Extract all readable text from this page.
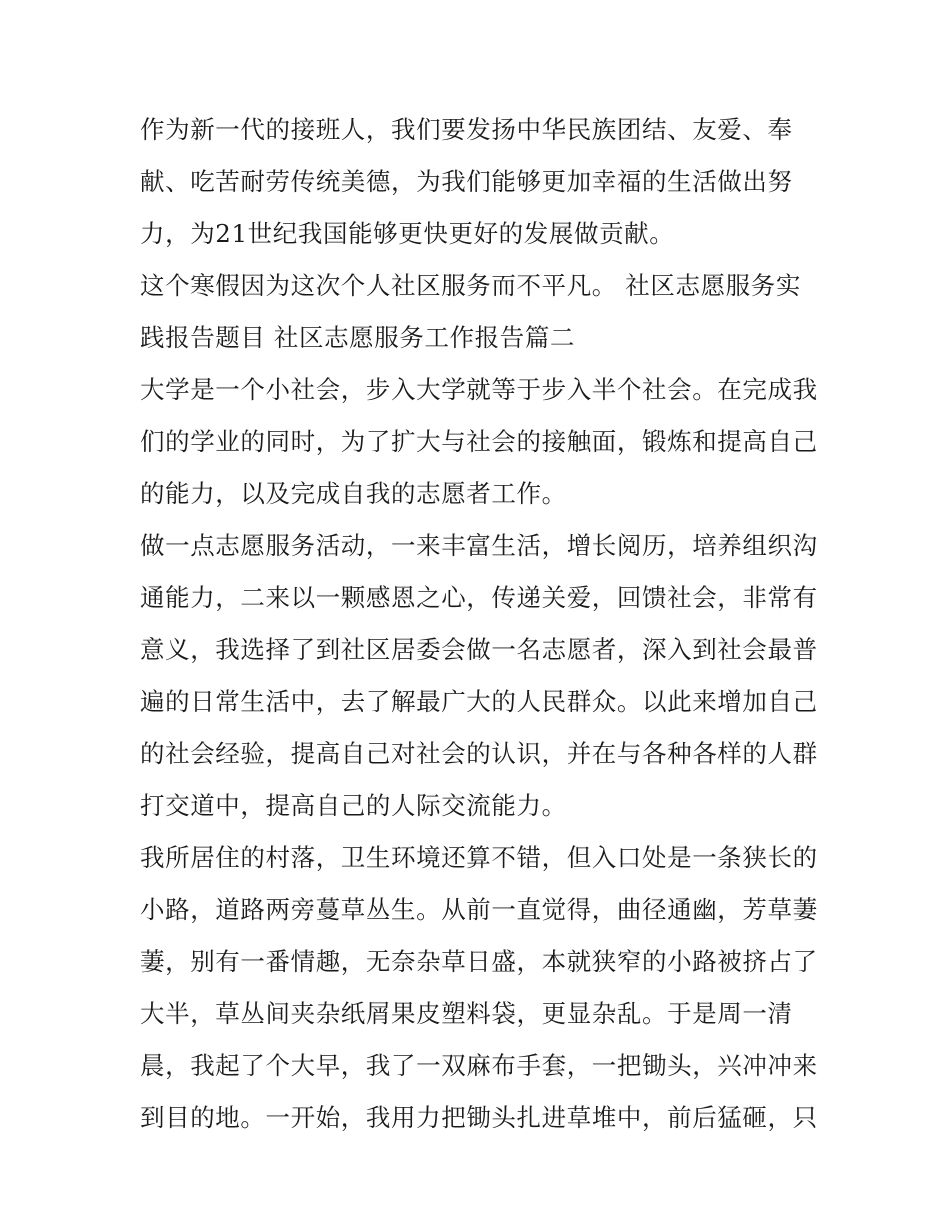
作为新一代的接班人，我们要发扬中华民族团结、友爱、奉
献、吃苦耐劳传统美德，为我们能够更加幸福的生活做出努
力，为21世纪我国能够更快更好的发展做贡献。
这个寒假因为这次个人社区服务而不平凡。 社区志愿服务实
践报告题目 社区志愿服务工作报告篇二
大学是一个小社会，步入大学就等于步入半个社会。在完成我
们的学业的同时，为了扩大与社会的接触面，锻炼和提高自己
的能力，以及完成自我的志愿者工作。
做一点志愿服务活动，一来丰富生活，增长阅历，培养组织沟
通能力，二来以一颗感恩之心，传递关爱，回馈社会，非常有
意义，我选择了到社区居委会做一名志愿者，深入到社会最普
遍的日常生活中，去了解最广大的人民群众。以此来增加自己
的社会经验，提高自己对社会的认识，并在与各种各样的人群
打交道中，提高自己的人际交流能力。
我所居住的村落，卫生环境还算不错，但入口处是一条狭长的
小路，道路两旁蔓草丛生。从前一直觉得，曲径通幽，芳草萋
萋，别有一番情趣，无奈杂草日盛，本就狭窄的小路被挤占了
大半，草丛间夹杂纸屑果皮塑料袋，更显杂乱。于是周一清
晨，我起了个大早，我了一双麻布手套，一把锄头，兴冲冲来
到目的地。一开始，我用力把锄头扎进草堆中，前后猛砸，只
